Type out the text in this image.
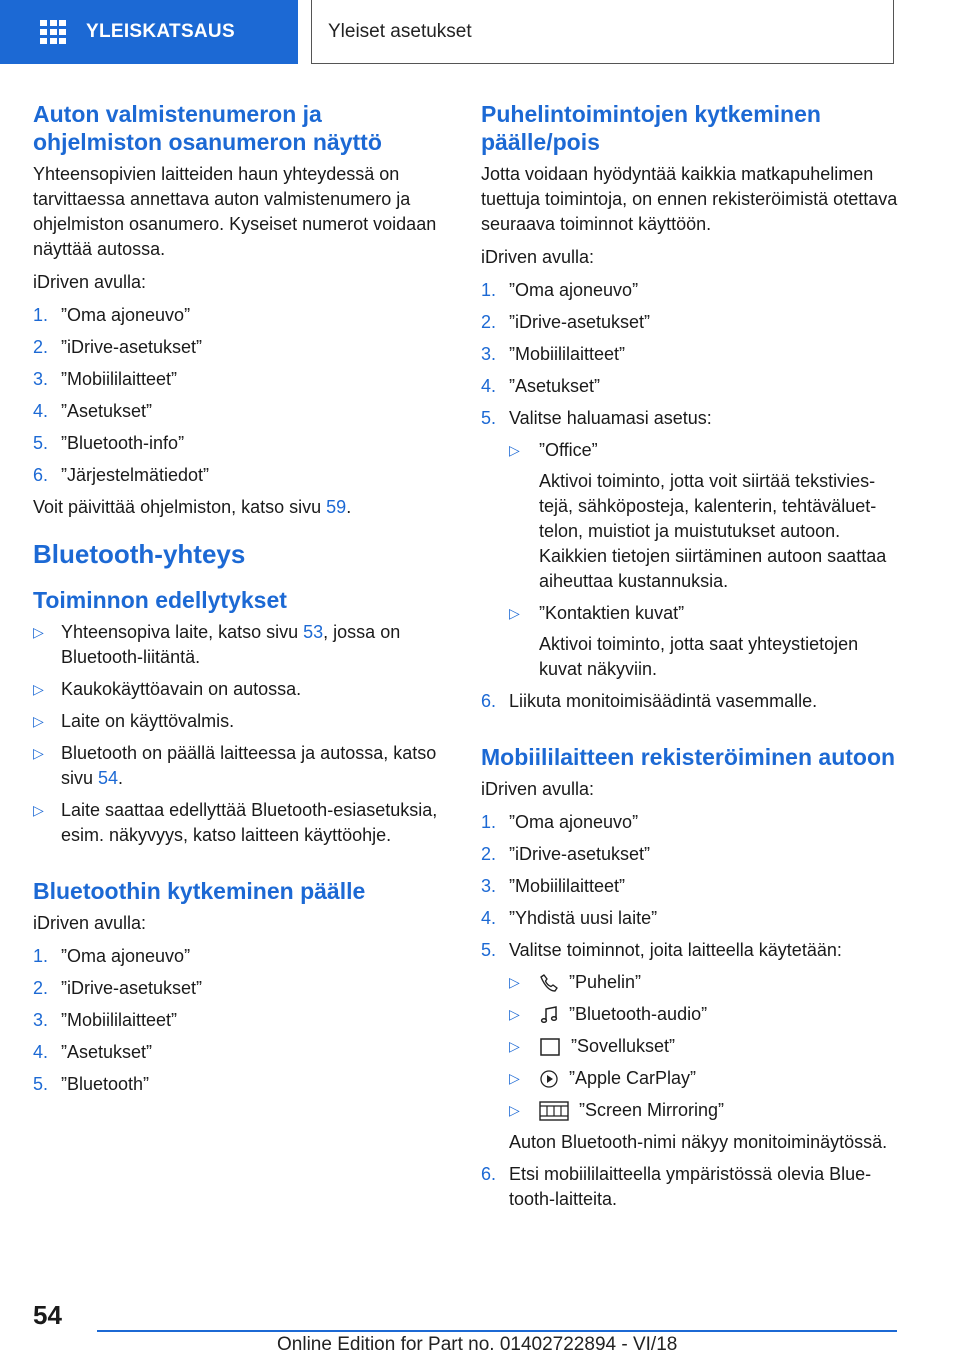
YLEISKATSAUS	Yleiset asetukset
Auton valmistenumeron ja ohjelmiston osanumeron näyttö

Yhteensopivien laitteiden haun yhteydessä on tarvittaessa annettava auton valmistenumero ja ohjelmiston osanumero. Kyseiset numerot voidaan näyttää autossa.

iDriven avulla:

1. ”Oma ajoneuvo”
2. ”iDrive-asetukset”
3. ”Mobiililaitteet”
4. ”Asetukset”
5. ”Bluetooth-info”
6. ”Järjestelmätiedot”

Voit päivittää ohjelmiston, katso sivu 59.

Bluetooth-yhteys
Toiminnon edellytykset
▷ Yhteensopiva laite, katso sivu 53, jossa on Bluetooth-liitäntä.
▷ Kaukokäyttöavain on autossa.
▷ Laite on käyttövalmis.
▷ Bluetooth on päällä laitteessa ja autossa, katso sivu 54.
▷ Laite saattaa edellyttää Bluetooth-esiasetuksia, esim. näkyvyys, katso laitteen käyttöohje.
Bluetoothin kytkeminen päälle

iDriven avulla:

1. ”Oma ajoneuvo”
2. ”iDrive-asetukset”
3. ”Mobiililaitteet”
4. ”Asetukset”
5. ”Bluetooth”
Puhelintoimintojen kytkeminen päälle/pois

Jotta voidaan hyödyntää kaikkia matkapuhelimen tuettuja toimintoja, on ennen rekisteröimistä otettava seuraava toiminnot käyttöön.

iDriven avulla:

1. ”Oma ajoneuvo”
2. ”iDrive-asetukset”
3. ”Mobiililaitteet”
4. ”Asetukset”
5. Valitse haluamasi asetus:
▷ ”Office”
Aktivoi toiminto, jotta voit siirtää tekstiviestejä, sähköposteja, kalenterin, tehtäväluettelon, muistiot ja muistutukset autoon. Kaikkien tietojen siirtäminen autoon saattaa aiheuttaa kustannuksia.
▷ ”Kontaktien kuvat”
Aktivoi toiminto, jotta saat yhteystietojen kuvat näkyviin.
6. Liikuta monitoimisäädintä vasemmalle.
Mobiililaitteen rekisteröiminen autoon

iDriven avulla:

1. ”Oma ajoneuvo”
2. ”iDrive-asetukset”
3. ”Mobiililaitteet”
4. ”Yhdistä uusi laite”
5. Valitse toiminnot, joita laitteella käytetään:
▷	”Puhelin”
▷	”Bluetooth-audio”
▷	”Sovellukset”
▷	”Apple CarPlay”
▷	”Screen Mirroring”
Auton Bluetooth-nimi näkyy monitoiminäytössä.
6. Etsi mobiililaitteella ympäristössä olevia Bluetooth-laitteita.
54
Online Edition for Part no. 01402722894 - VI/18
